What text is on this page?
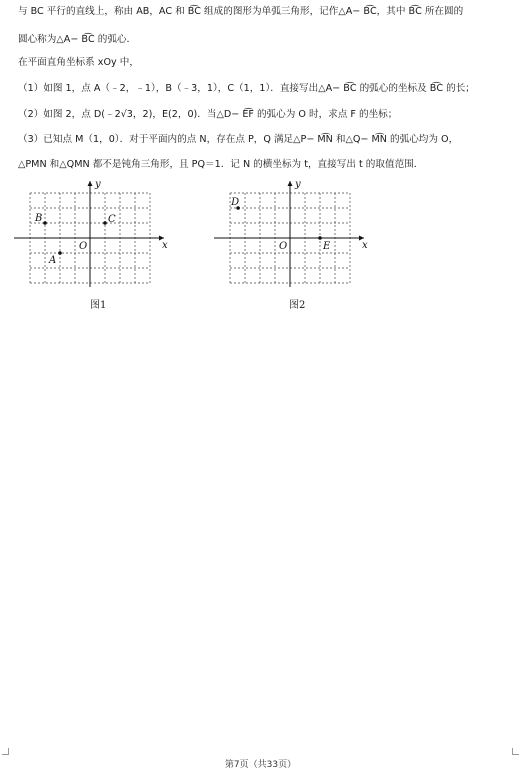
与 BC 平行的直线上，称由 AB，AC 和 B͡C 组成的图形为单弧三角形，记作△A− B͡C，其中 B͡C 所在圆的
圆心称为△A− B͡C 的弧心．
在平面直角坐标系 xOy 中，
（1）如图 1，点 A（﹣2，﹣1），B（﹣3，1），C（1，1）．直接写出△A− B͡C 的弧心的坐标及 B͡C 的长；
（2）如图 2，点 D(﹣2√3，2)，E(2，0)．当△D− E͡F 的弧心为 O 时，求点 F 的坐标；
（3）已知点 M（1，0）．对于平面内的点 N，存在点 P，Q 满足△P− M͡N 和△Q− M͡N 的弧心均为 O，
△PMN 和△QMN 都不是钝角三角形，且 PQ＝1．记 N 的横坐标为 t，直接写出 t 的取值范围．
x
y
O
B	C
A
图1
x
y
O
D
E
图2
第7页（共33页）
